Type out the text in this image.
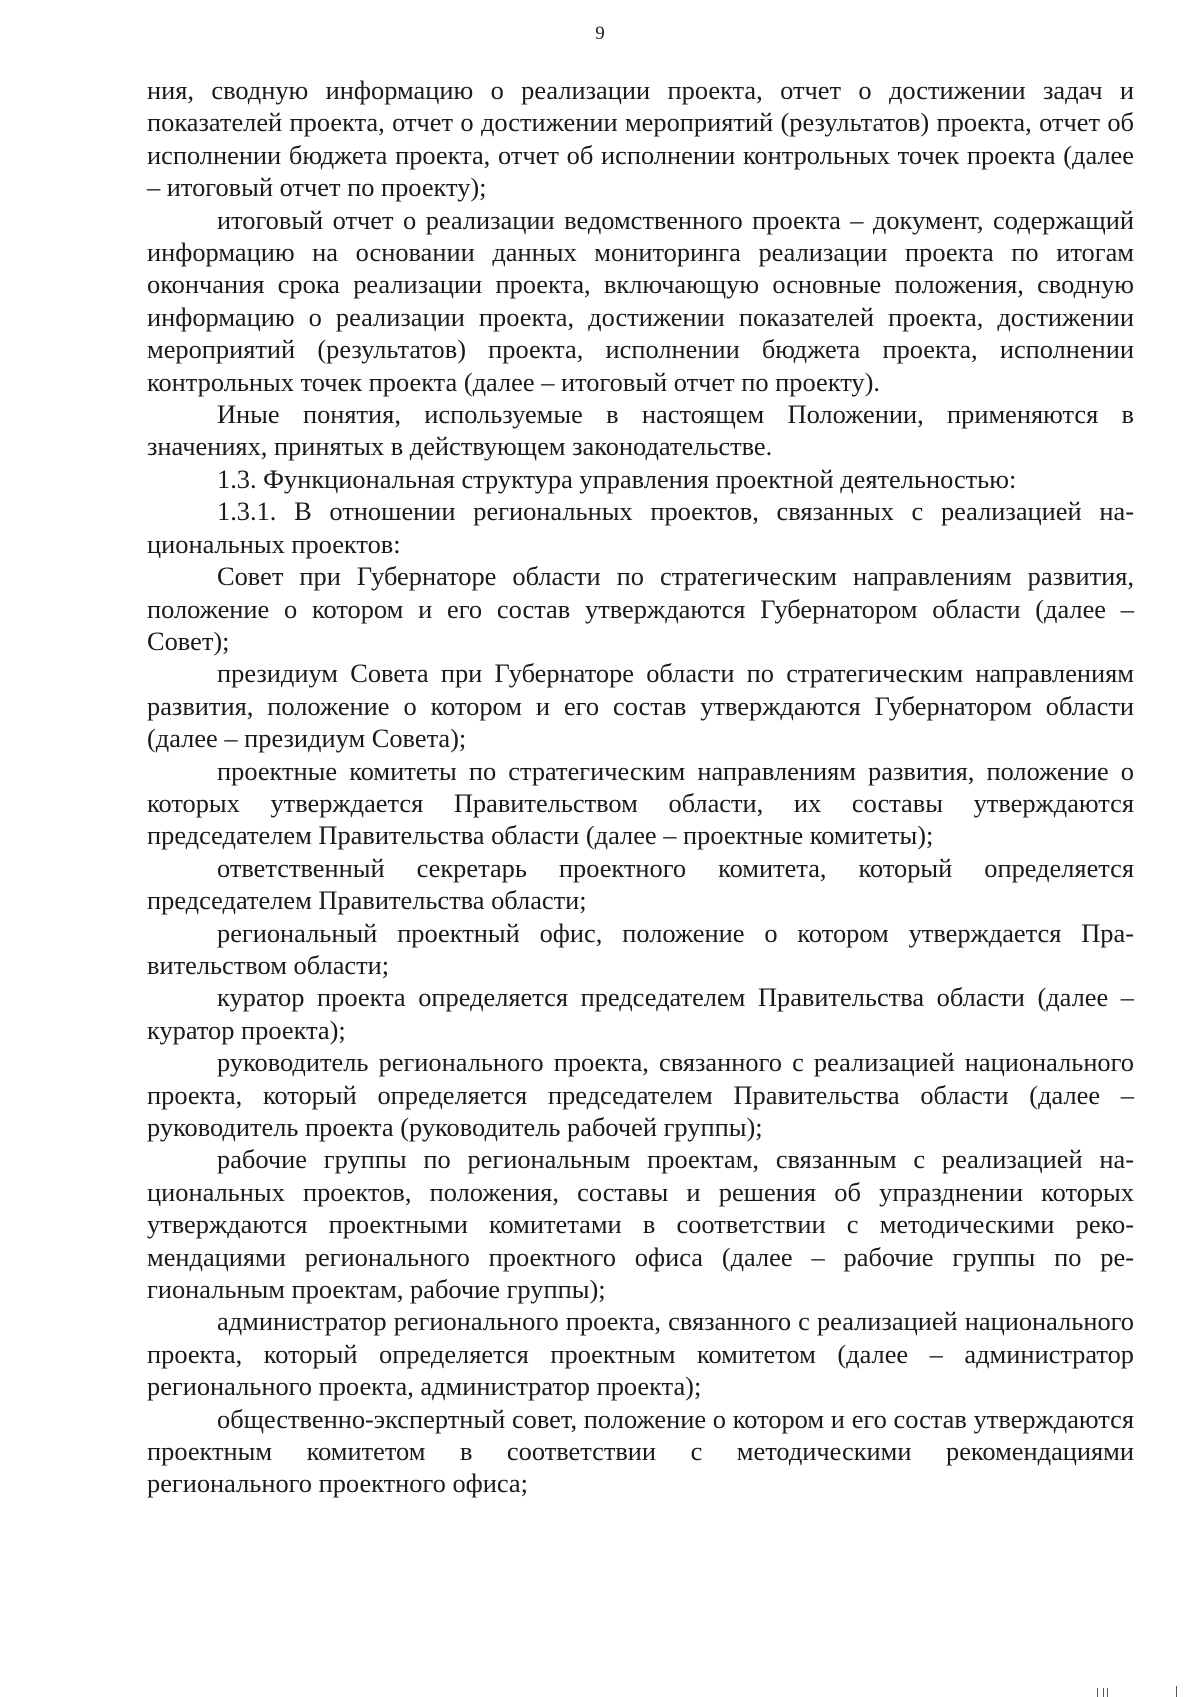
9

ния, сводную информацию о реализации проекта, отчет о достижении задач и показателей проекта, отчет о достижении мероприятий (результатов) проекта, отчет об исполнении бюджета проекта, отчет об исполнении контрольных точек проекта (далее – итоговый отчет по проекту);

итоговый отчет о реализации ведомственного проекта – документ, содержащий информацию на основании данных мониторинга реализации проекта по итогам окончания срока реализации проекта, включающую основные положения, сводную информацию о реализации проекта, достижении показателей проекта, достижении мероприятий (результатов) проекта, исполнении бюджета проекта, исполнении контрольных точек проекта (далее – итоговый отчет по проекту).

Иные понятия, используемые в настоящем Положении, применяются в значениях, принятых в действующем законодательстве.

1.3. Функциональная структура управления проектной деятельностью:

1.3.1. В отношении региональных проектов, связанных с реализацией национальных проектов:

Совет при Губернаторе области по стратегическим направлениям развития, положение о котором и его состав утверждаются Губернатором области (далее – Совет);

президиум Совета при Губернаторе области по стратегическим направлениям развития, положение о котором и его состав утверждаются Губернатором области (далее – президиум Совета);

проектные комитеты по стратегическим направлениям развития, положение о которых утверждается Правительством области, их составы утверждаются председателем Правительства области (далее – проектные комитеты);

ответственный секретарь проектного комитета, который определяется председателем Правительства области;

региональный проектный офис, положение о котором утверждается Правительством области;

куратор проекта определяется председателем Правительства области (далее – куратор проекта);

руководитель регионального проекта, связанного с реализацией национального проекта, который определяется председателем Правительства области (далее – руководитель проекта (руководитель рабочей группы);

рабочие группы по региональным проектам, связанным с реализацией национальных проектов, положения, составы и решения об упразднении которых утверждаются проектными комитетами в соответствии с методическими рекомендациями регионального проектного офиса (далее – рабочие группы по региональным проектам, рабочие группы);

администратор регионального проекта, связанного с реализацией национального проекта, который определяется проектным комитетом (далее – администратор регионального проекта, администратор проекта);

общественно-экспертный совет, положение о котором и его состав утверждаются проектным комитетом в соответствии с методическими рекомендациями регионального проектного офиса;
